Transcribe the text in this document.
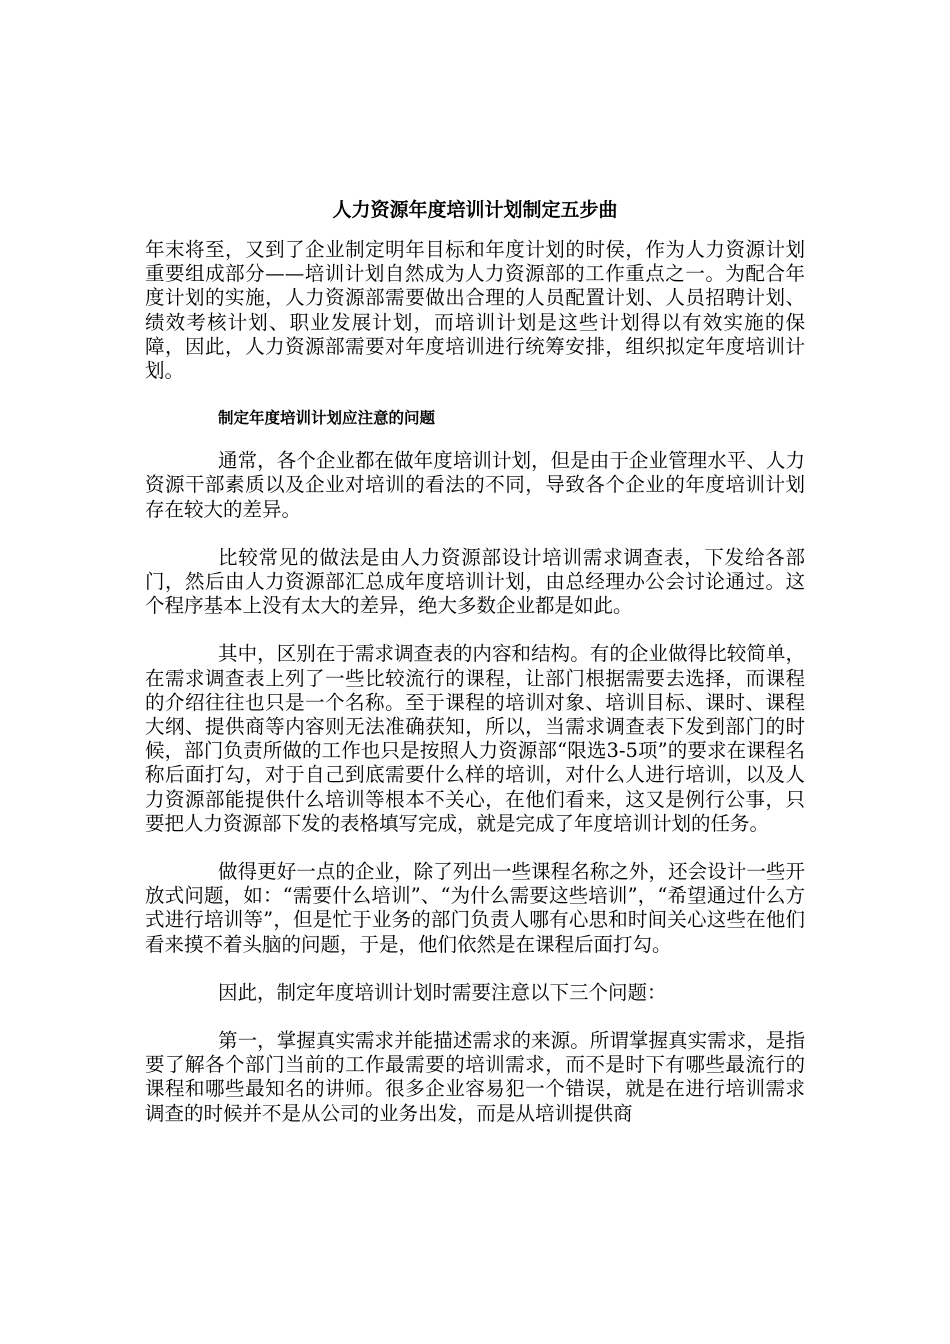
人力资源年度培训计划制定五步曲

年末将至，又到了企业制定明年目标和年度计划的时侯，作为人力资源计划重要组成部分——培训计划自然成为人力资源部的工作重点之一。为配合年度计划的实施，人力资源部需要做出合理的人员配置计划、人员招聘计划、绩效考核计划、职业发展计划，而培训计划是这些计划得以有效实施的保障，因此，人力资源部需要对年度培训进行统筹安排，组织拟定年度培训计划。

制定年度培训计划应注意的问题

通常，各个企业都在做年度培训计划，但是由于企业管理水平、人力资源干部素质以及企业对培训的看法的不同，导致各个企业的年度培训计划存在较大的差异。

比较常见的做法是由人力资源部设计培训需求调查表，下发给各部门，然后由人力资源部汇总成年度培训计划，由总经理办公会讨论通过。这个程序基本上没有太大的差异，绝大多数企业都是如此。

其中，区别在于需求调查表的内容和结构。有的企业做得比较简单，在需求调查表上列了一些比较流行的课程，让部门根据需要去选择，而课程的介绍往往也只是一个名称。至于课程的培训对象、培训目标、课时、课程大纲、提供商等内容则无法准确获知，所以，当需求调查表下发到部门的时候，部门负责所做的工作也只是按照人力资源部“限选3-5项”的要求在课程名称后面打勾，对于自己到底需要什么样的培训，对什么人进行培训，以及人力资源部能提供什么培训等根本不关心，在他们看来，这又是例行公事，只要把人力资源部下发的表格填写完成，就是完成了年度培训计划的任务。

做得更好一点的企业，除了列出一些课程名称之外，还会设计一些开放式问题，如：“需要什么培训”、“为什么需要这些培训”，“希望通过什么方式进行培训等”，但是忙于业务的部门负责人哪有心思和时间关心这些在他们看来摸不着头脑的问题，于是，他们依然是在课程后面打勾。

因此，制定年度培训计划时需要注意以下三个问题：

第一，掌握真实需求并能描述需求的来源。所谓掌握真实需求，是指要了解各个部门当前的工作最需要的培训需求，而不是时下有哪些最流行的课程和哪些最知名的讲师。很多企业容易犯一个错误，就是在进行培训需求调查的时候并不是从公司的业务出发，而是从培训提供商
